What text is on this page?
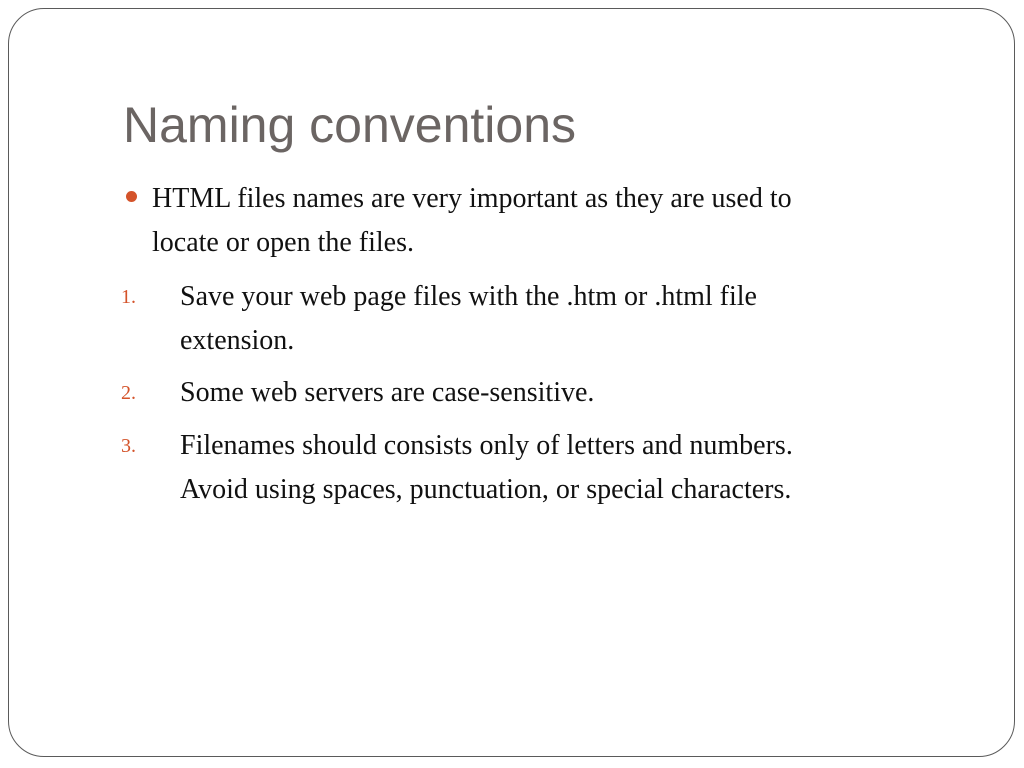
Naming conventions
HTML files names are very important as they are used to
locate or open the files.
1. Save your web page files with the .htm or .html file
extension.
2. Some web servers are case-sensitive.
3. Filenames should consists only of letters and numbers.
Avoid using spaces, punctuation, or special characters.
